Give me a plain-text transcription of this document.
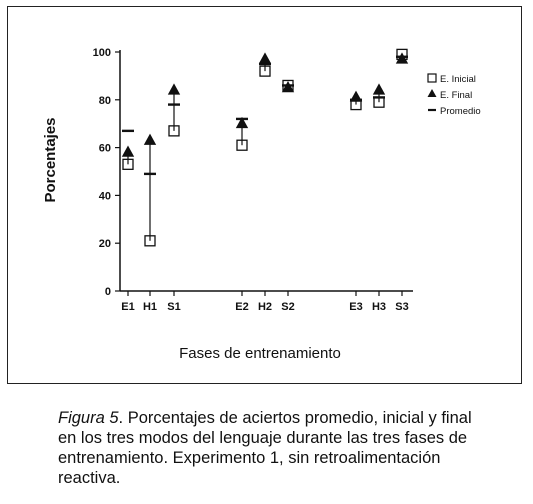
0
20
40
60
80
100
E1 H1 S1	E2 H2 S2	E3 H3 S3
E. Inicial
E. Final
Promedio
Fases de entrenamiento
Porcentajes
Figura 5. Porcentajes de aciertos promedio, inicial y final en los tres modos del lenguaje durante las tres fases de entrenamiento. Experimento 1, sin retroalimentación reactiva.
